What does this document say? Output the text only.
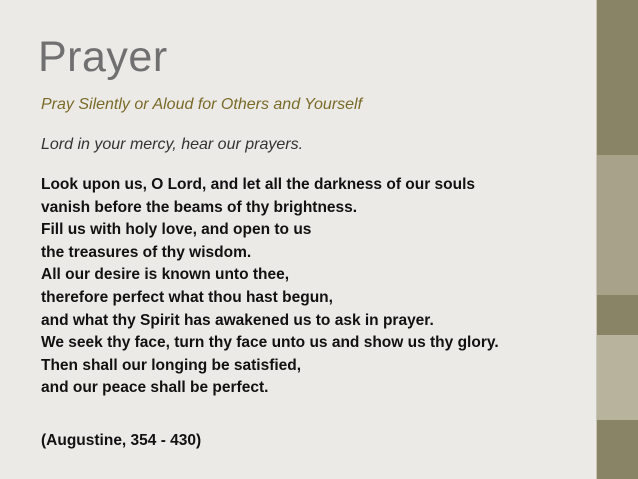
Prayer

Pray Silently or Aloud for Others and Yourself

Lord in your mercy, hear our prayers.

Look upon us, O Lord, and let all the darkness of our souls
vanish before the beams of thy brightness.
Fill us with holy love, and open to us
the treasures of thy wisdom.
All our desire is known unto thee,
therefore perfect what thou hast begun,
and what thy Spirit has awakened us to ask in prayer.
We seek thy face, turn thy face unto us and show us thy glory.
Then shall our longing be satisfied,
and our peace shall be perfect.

(Augustine, 354 - 430)
